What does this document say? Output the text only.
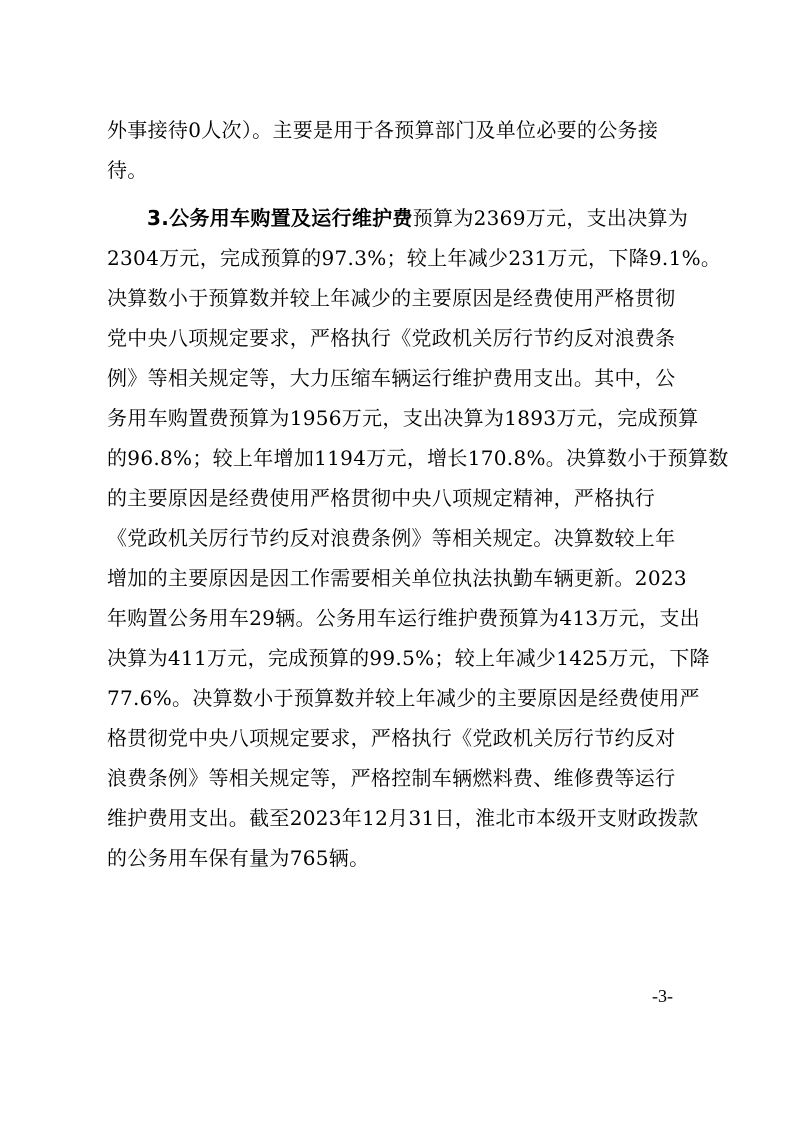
外事接待0人次）。主要是用于各预算部门及单位必要的公务接
待。
3.公务用车购置及运行维护费预算为2369万元，支出决算为
2304万元，完成预算的97.3%；较上年减少231万元，下降9.1%。
决算数小于预算数并较上年减少的主要原因是经费使用严格贯彻
党中央八项规定要求，严格执行《党政机关厉行节约反对浪费条
例》等相关规定等，大力压缩车辆运行维护费用支出。其中，公
务用车购置费预算为1956万元，支出决算为1893万元，完成预算
的96.8%；较上年增加1194万元，增长170.8%。决算数小于预算数
的主要原因是经费使用严格贯彻中央八项规定精神，严格执行
《党政机关厉行节约反对浪费条例》等相关规定。决算数较上年
增加的主要原因是因工作需要相关单位执法执勤车辆更新。2023
年购置公务用车29辆。公务用车运行维护费预算为413万元，支出
决算为411万元，完成预算的99.5%；较上年减少1425万元，下降
77.6%。决算数小于预算数并较上年减少的主要原因是经费使用严
格贯彻党中央八项规定要求，严格执行《党政机关厉行节约反对
浪费条例》等相关规定等，严格控制车辆燃料费、维修费等运行
维护费用支出。截至2023年12月31日，淮北市本级开支财政拨款
的公务用车保有量为765辆。
-3-
